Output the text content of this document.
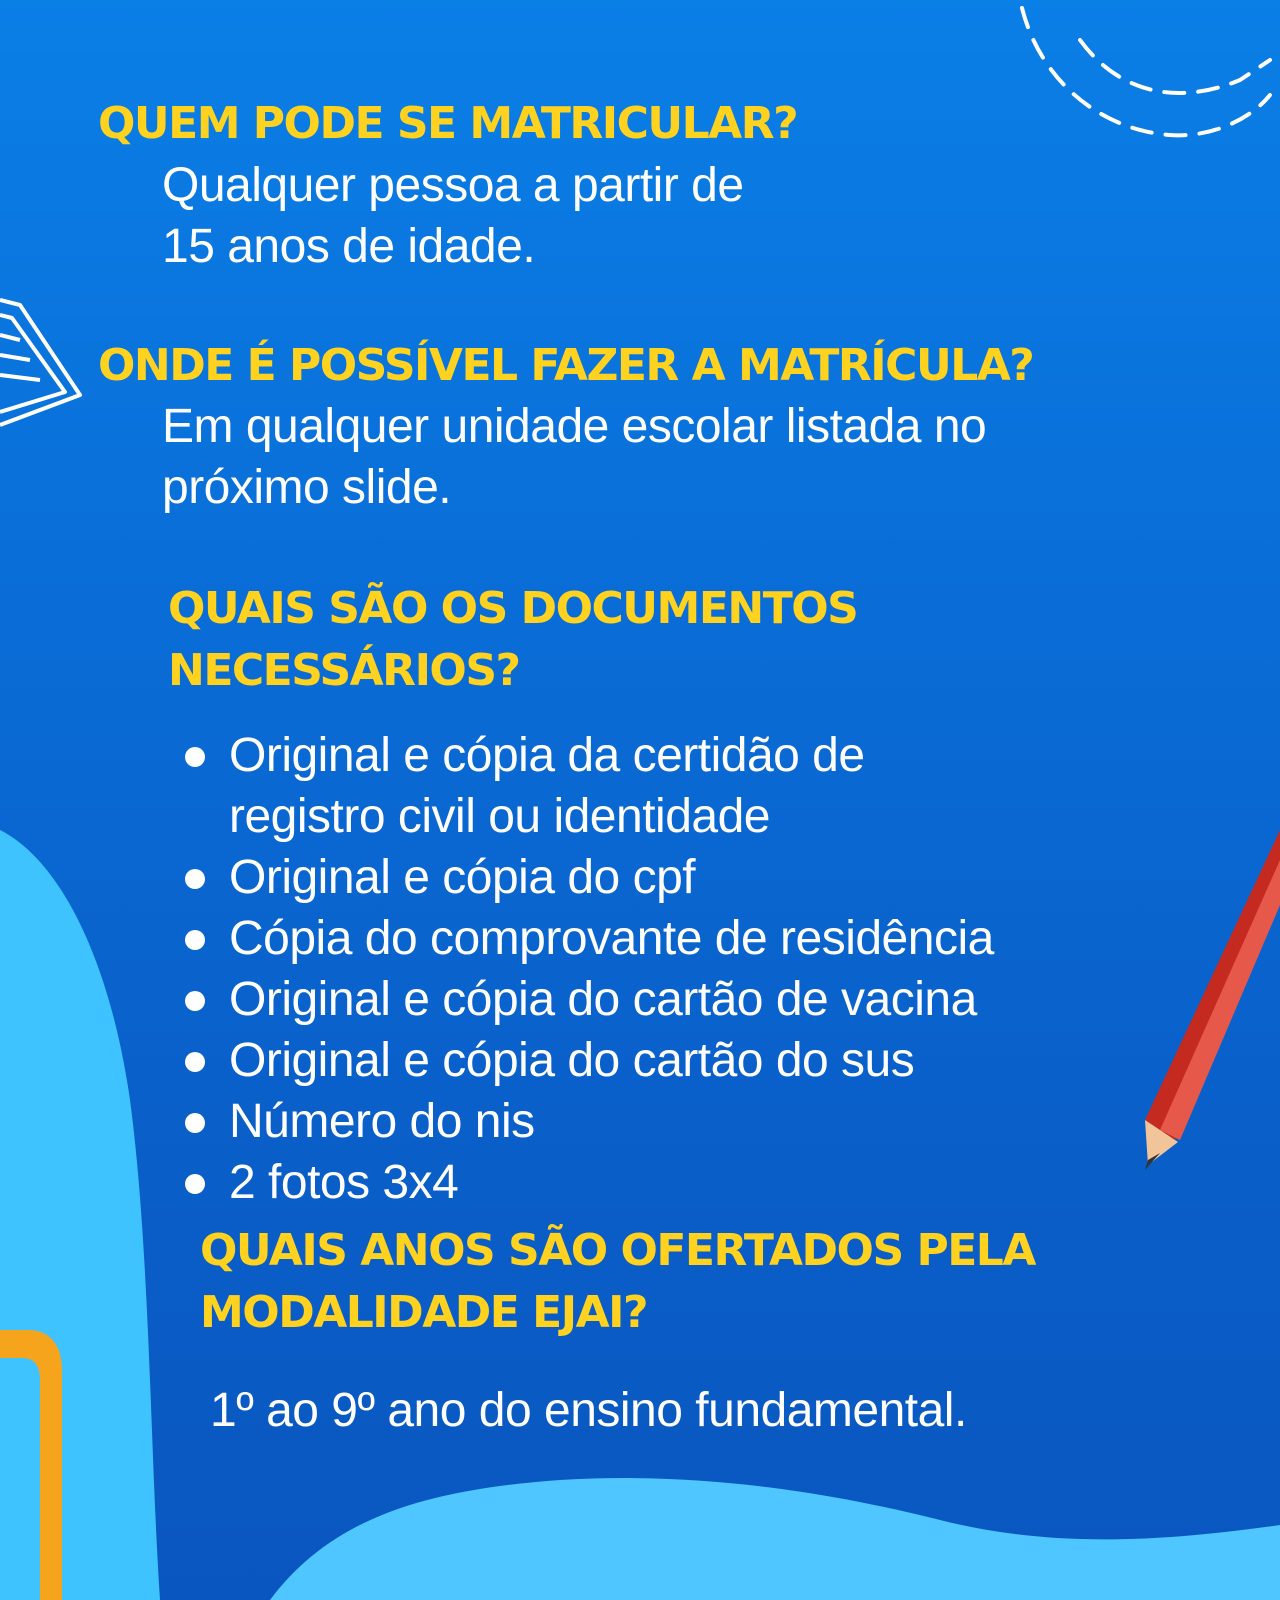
QUEM PODE SE MATRICULAR?
Qualquer pessoa a partir de
15 anos de idade.
ONDE É POSSÍVEL FAZER A MATRÍCULA?
Em qualquer unidade escolar listada no
próximo slide.
QUAIS SÃO OS DOCUMENTOS
NECESSÁRIOS?
Original e cópia da certidão de
registro civil ou identidade
Original e cópia do cpf
Cópia do comprovante de residência
Original e cópia do cartão de vacina
Original e cópia do cartão do sus
Número do nis
2 fotos 3x4
QUAIS ANOS SÃO OFERTADOS PELA
MODALIDADE EJAI?
1º ao 9º ano do ensino fundamental.
